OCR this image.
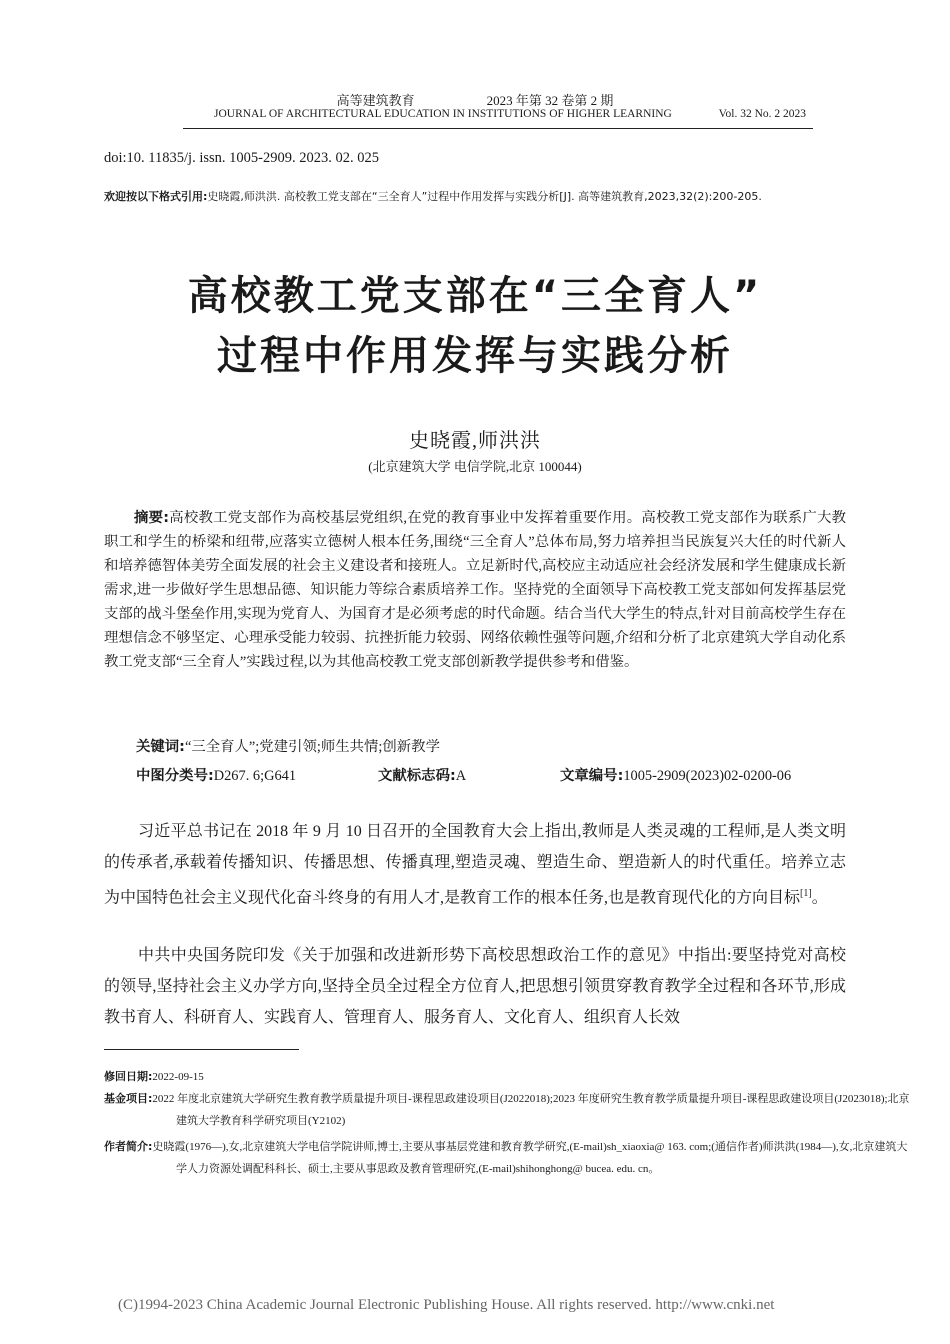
高等建筑教育	2023 年第 32 卷第 2 期
JOURNAL OF ARCHITECTURAL EDUCATION IN INSTITUTIONS OF HIGHER LEARNING	Vol. 32 No. 2 2023
doi:10. 11835/j. issn. 1005-2909. 2023. 02. 025
欢迎按以下格式引用:史晓霞,师洪洪. 高校教工党支部在“三全育人”过程中作用发挥与实践分析[J]. 高等建筑教育,2023,32(2):200-205.
高校教工党支部在“三全育人”
过程中作用发挥与实践分析
史晓霞,师洪洪
(北京建筑大学 电信学院,北京 100044)

摘要:高校教工党支部作为高校基层党组织,在党的教育事业中发挥着重要作用。高校教工党支部作为联系广大教职工和学生的桥梁和纽带,应落实立德树人根本任务,围绕“三全育人”总体布局,努力培养担当民族复兴大任的时代新人和培养德智体美劳全面发展的社会主义建设者和接班人。立足新时代,高校应主动适应社会经济发展和学生健康成长新需求,进一步做好学生思想品德、知识能力等综合素质培养工作。坚持党的全面领导下高校教工党支部如何发挥基层党支部的战斗堡垒作用,实现为党育人、为国育才是必须考虑的时代命题。结合当代大学生的特点,针对目前高校学生存在理想信念不够坚定、心理承受能力较弱、抗挫折能力较弱、网络依赖性强等问题,介绍和分析了北京建筑大学自动化系教工党支部“三全育人”实践过程,以为其他高校教工党支部创新教学提供参考和借鉴。

关键词:“三全育人”;党建引领;师生共情;创新教学
中图分类号:D267. 6;G641	文献标志码:A	文章编号:1005-2909(2023)02-0200-06

习近平总书记在 2018 年 9 月 10 日召开的全国教育大会上指出,教师是人类灵魂的工程师,是人类文明的传承者,承载着传播知识、传播思想、传播真理,塑造灵魂、塑造生命、塑造新人的时代重任。培养立志为中国特色社会主义现代化奋斗终身的有用人才,是教育工作的根本任务,也是教育现代化的方向目标[1]。

中共中央国务院印发《关于加强和改进新形势下高校思想政治工作的意见》中指出:要坚持党对高校的领导,坚持社会主义办学方向,坚持全员全过程全方位育人,把思想引领贯穿教育教学全过程和各环节,形成教书育人、科研育人、实践育人、管理育人、服务育人、文化育人、组织育人长效

修回日期:2022-09-15
基金项目:2022 年度北京建筑大学研究生教育教学质量提升项目-课程思政建设项目(J2022018);2023 年度研究生教育教学质量提升项目-课程思政建设项目(J2023018);北京建筑大学教育科学研究项目(Y2102)
作者简介:史晓霞(1976—),女,北京建筑大学电信学院讲师,博士,主要从事基层党建和教育教学研究,(E-mail)sh_xiaoxia@ 163. com;(通信作者)师洪洪(1984—),女,北京建筑大学人力资源处调配科科长、硕士,主要从事思政及教育管理研究,(E-mail)shihonghong@ bucea. edu. cn。
(C)1994-2023 China Academic Journal Electronic Publishing House. All rights reserved. http://www.cnki.net
